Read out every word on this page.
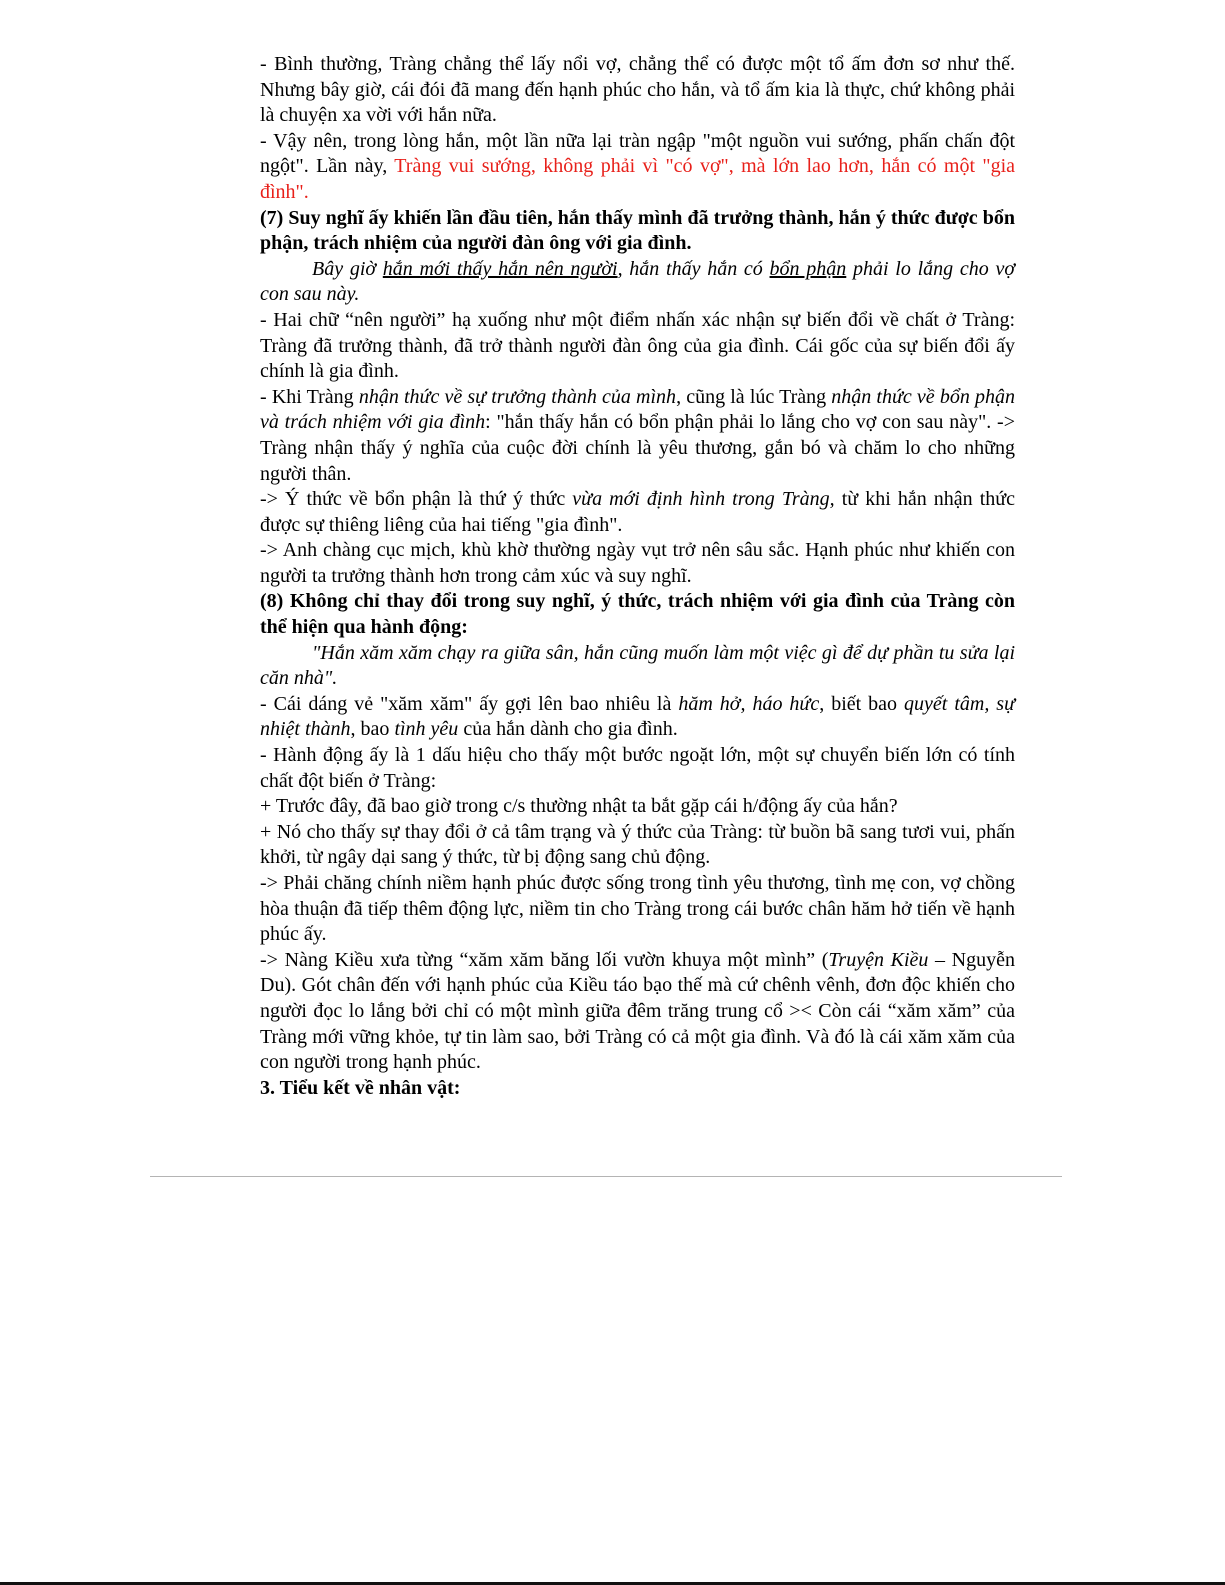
- Bình thường, Tràng chẳng thể lấy nổi vợ, chẳng thể có được một tổ ấm đơn sơ như thế. Nhưng bây giờ, cái đói đã mang đến hạnh phúc cho hắn, và tổ ấm kia là thực, chứ không phải là chuyện xa vời với hắn nữa.

- Vậy nên, trong lòng hắn, một lần nữa lại tràn ngập "một nguồn vui sướng, phấn chấn đột ngột". Lần này, Tràng vui sướng, không phải vì "có vợ", mà lớn lao hơn, hắn có một "gia đình".

(7) Suy nghĩ ấy khiến lần đầu tiên, hắn thấy mình đã trưởng thành, hắn ý thức được bổn phận, trách nhiệm của người đàn ông với gia đình.

Bây giờ hắn mới thấy hắn nên người, hắn thấy hắn có bổn phận phải lo lắng cho vợ con sau này.

- Hai chữ “nên người” hạ xuống như một điểm nhấn xác nhận sự biến đổi về chất ở Tràng: Tràng đã trưởng thành, đã trở thành người đàn ông của gia đình. Cái gốc của sự biến đổi ấy chính là gia đình.

- Khi Tràng nhận thức về sự trưởng thành của mình, cũng là lúc Tràng nhận thức về bổn phận và trách nhiệm với gia đình: "hắn thấy hắn có bổn phận phải lo lắng cho vợ con sau này". -> Tràng nhận thấy ý nghĩa của cuộc đời chính là yêu thương, gắn bó và chăm lo cho những người thân.

-> Ý thức về bổn phận là thứ ý thức vừa mới định hình trong Tràng, từ khi hắn nhận thức được sự thiêng liêng của hai tiếng "gia đình".

-> Anh chàng cục mịch, khù khờ thường ngày vụt trở nên sâu sắc. Hạnh phúc như khiến con người ta trưởng thành hơn trong cảm xúc và suy nghĩ.

(8) Không chỉ thay đổi trong suy nghĩ, ý thức, trách nhiệm với gia đình của Tràng còn thể hiện qua hành động:

"Hắn xăm xăm chạy ra giữa sân, hắn cũng muốn làm một việc gì để dự phần tu sửa lại căn nhà".

- Cái dáng vẻ "xăm xăm" ấy gợi lên bao nhiêu là hăm hở, háo hức, biết bao quyết tâm, sự nhiệt thành, bao tình yêu của hắn dành cho gia đình.

- Hành động ấy là 1 dấu hiệu cho thấy một bước ngoặt lớn, một sự chuyển biến lớn có tính chất đột biến ở Tràng:

+ Trước đây, đã bao giờ trong c/s thường nhật ta bắt gặp cái h/động ấy của hắn?

+ Nó cho thấy sự thay đổi ở cả tâm trạng và ý thức của Tràng: từ buồn bã sang tươi vui, phấn khởi, từ ngây dại sang ý thức, từ bị động sang chủ động.

-> Phải chăng chính niềm hạnh phúc được sống trong tình yêu thương, tình mẹ con, vợ chồng hòa thuận đã tiếp thêm động lực, niềm tin cho Tràng trong cái bước chân hăm hở tiến về hạnh phúc ấy.

-> Nàng Kiều xưa từng “xăm xăm băng lối vườn khuya một mình” (Truyện Kiều – Nguyễn Du). Gót chân đến với hạnh phúc của Kiều táo bạo thế mà cứ chênh vênh, đơn độc khiến cho người đọc lo lắng bởi chỉ có một mình giữa đêm trăng trung cổ >< Còn cái “xăm xăm” của Tràng mới vững khỏe, tự tin làm sao, bởi Tràng có cả một gia đình. Và đó là cái xăm xăm của con người trong hạnh phúc.

3. Tiểu kết về nhân vật:
